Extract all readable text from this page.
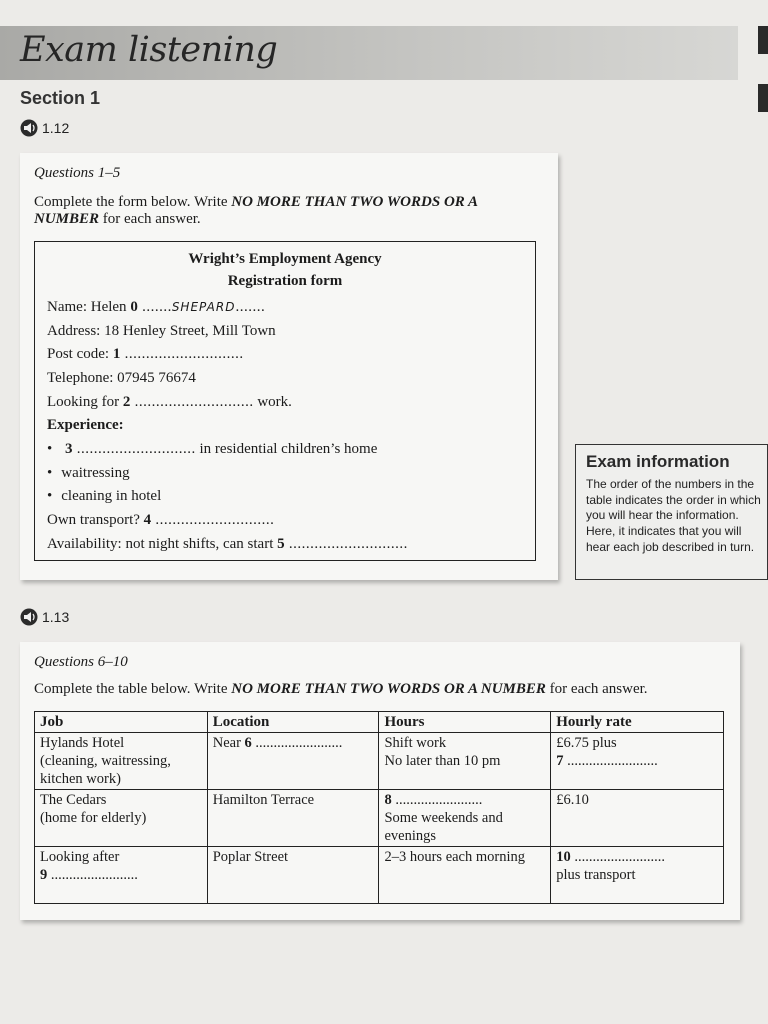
Exam listening
Section 1
1.12
Questions 1–5
Complete the form below. Write NO MORE THAN TWO WORDS OR A
NUMBER for each answer.
Wright’s Employment Agency
Registration form
Name: Helen 0 .......SHEPARD.......
Address: 18 Henley Street, Mill Town
Post code: 1 ............................
Telephone: 07945 76674
Looking for 2 ............................ work.
Experience:
• 3 ............................ in residential children’s home
• waitressing
• cleaning in hotel
Own transport? 4 ............................
Availability: not night shifts, can start 5 ............................
Exam information
The order of the numbers in the table indicates the order in which you will hear the information. Here, it indicates that you will hear each job described in turn.
1.13
Questions 6–10
Complete the table below. Write NO MORE THAN TWO WORDS OR A NUMBER for each answer.
Job	Location	Hours	Hourly rate
Hylands Hotel
(cleaning, waitressing,
kitchen work)	Near 6 ........................	Shift work
No later than 10 pm	£6.75 plus
7 .........................
The Cedars
(home for elderly)	Hamilton Terrace	8 ........................
Some weekends and
evenings	£6.10
Looking after
9 ........................	Poplar Street	2–3 hours each morning	10 .........................
plus transport
